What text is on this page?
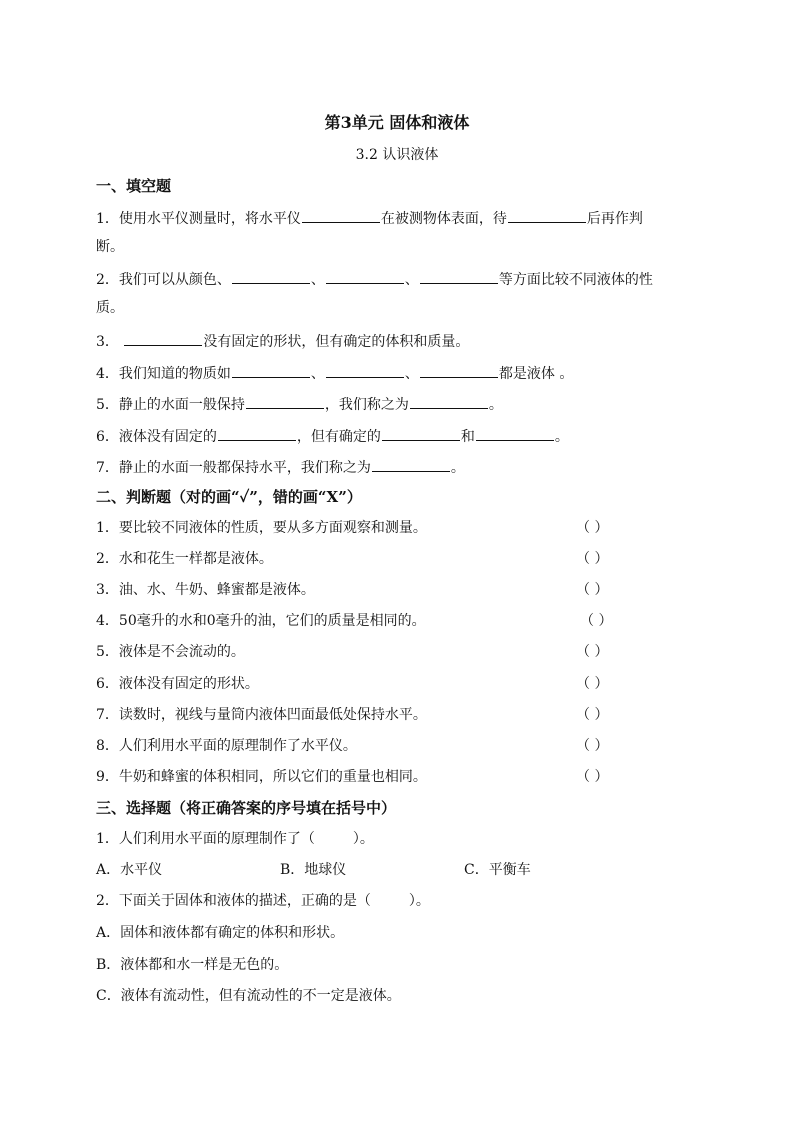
第3单元 固体和液体
3.2 认识液体
一、填空题
1．使用水平仪测量时，将水平仪	在被测物体表面，待	后再作判
断。
2．我们可以从颜色、	、	、	等方面比较不同液体的性
质。
3．	没有固定的形状，但有确定的体积和质量。
4．我们知道的物质如	、	、	都是液体 。
5．静止的水面一般保持	，我们称之为	。
6．液体没有固定的	，但有确定的	和	。
7．静止的水面一般都保持水平，我们称之为	。
二、判断题（对的画“✓”，错的画“X”）
1．要比较不同液体的性质，要从多方面观察和测量。	（ ）
2．水和花生一样都是液体。	（ ）
3．油、水、牛奶、蜂蜜都是液体。	（ ）
4．50毫升的水和0毫升的油，它们的质量是相同的。	（ ）
5．液体是不会流动的。	（ ）
6．液体没有固定的形状。	（ ）
7．读数时，视线与量筒内液体凹面最低处保持水平。	（ ）
8．人们利用水平面的原理制作了水平仪。	（ ）
9．牛奶和蜂蜜的体积相同，所以它们的重量也相同。	（ ）
三、选择题（将正确答案的序号填在括号中）
1．人们利用水平面的原理制作了（	）。
A．水平仪	B．地球仪	C．平衡车
2．下面关于固体和液体的描述，正确的是（	）。
A．固体和液体都有确定的体积和形状。
B．液体都和水一样是无色的。
C．液体有流动性，但有流动性的不一定是液体。
